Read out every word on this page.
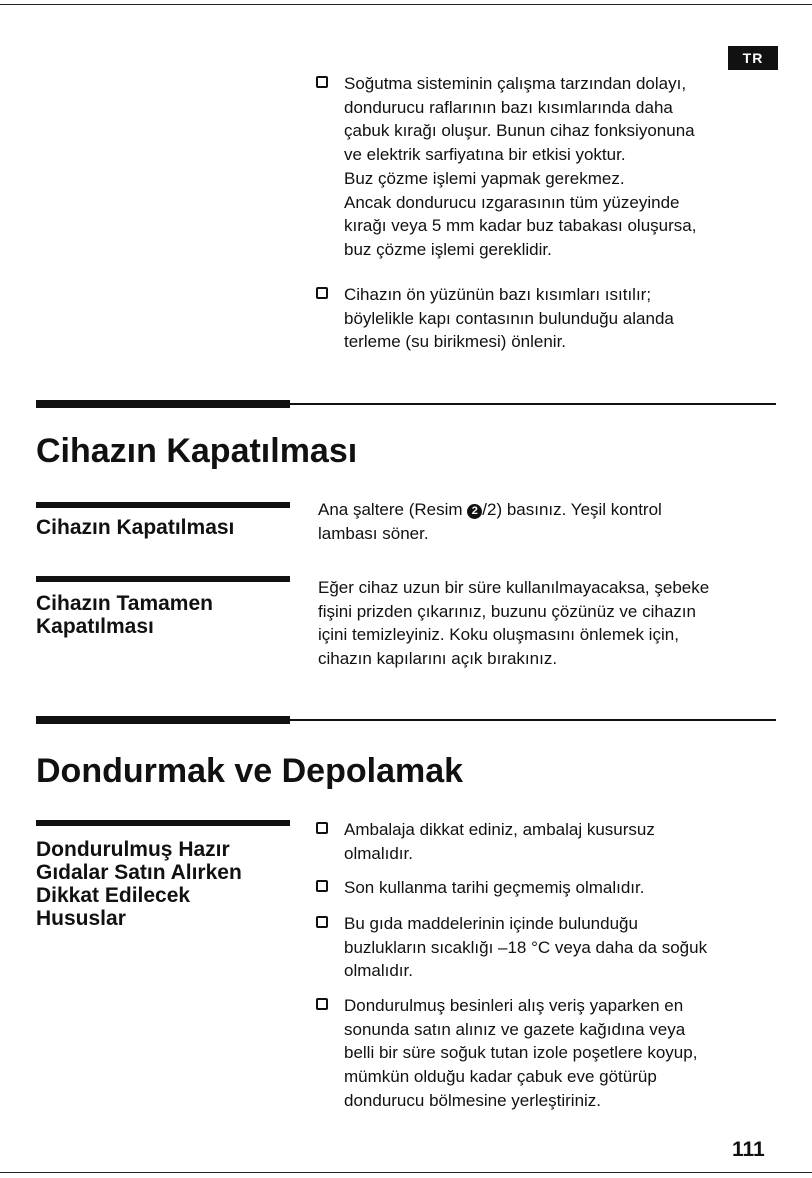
TR
Soğutma sisteminin çalışma tarzından dolayı,
dondurucu raflarının bazı kısımlarında daha
çabuk kırağı oluşur. Bunun cihaz fonksiyonuna
ve elektrik sarfiyatına bir etkisi yoktur.
Buz çözme işlemi yapmak gerekmez.
Ancak dondurucu ızgarasının tüm yüzeyinde
kırağı veya 5 mm kadar buz tabakası oluşursa,
buz çözme işlemi gereklidir.
Cihazın ön yüzünün bazı kısımları ısıtılır;
böylelikle kapı contasının bulunduğu alanda
terleme (su birikmesi) önlenir.
Cihazın Kapatılması
Cihazın Kapatılması
Ana şaltere (Resim 2 /2) basınız. Yeşil kontrol
lambası söner.
Cihazın Tamamen
Kapatılması
Eğer cihaz uzun bir süre kullanılmayacaksa, şebeke
fişini prizden çıkarınız, buzunu çözünüz ve cihazın
içini temizleyiniz. Koku oluşmasını önlemek için,
cihazın kapılarını açık bırakınız.
Dondurmak ve Depolamak
Dondurulmuş Hazır
Gıdalar Satın Alırken
Dikkat Edilecek
Hususlar
Ambalaja dikkat ediniz, ambalaj kusursuz
olmalıdır.
Son kullanma tarihi geçmemiş olmalıdır.
Bu gıda maddelerinin içinde bulunduğu
buzlukların sıcaklığı –18 °C veya daha da soğuk
olmalıdır.
Dondurulmuş besinleri alış veriş yaparken en
sonunda satın alınız ve gazete kağıdına veya
belli bir süre soğuk tutan izole poşetlere koyup,
mümkün olduğu kadar çabuk eve götürüp
dondurucu bölmesine yerleştiriniz.
111
